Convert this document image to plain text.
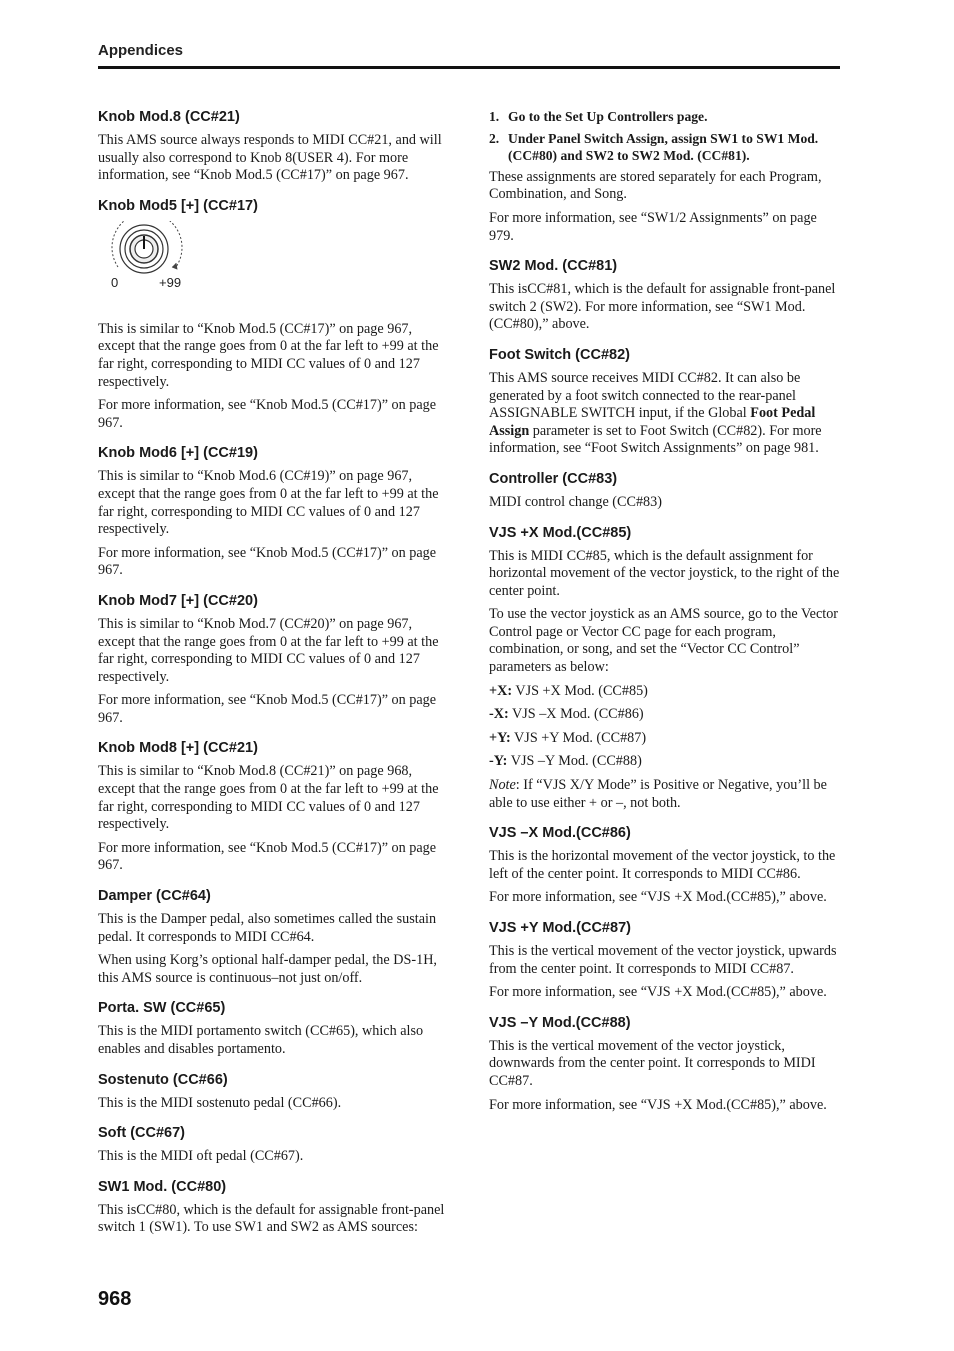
Appendices
Knob Mod.8 (CC#21)

This AMS source always responds to MIDI CC#21, and will usually also correspond to Knob 8(USER 4). For more information, see “Knob Mod.5 (CC#17)” on page 967.

Knob Mod5 [+] (CC#17)
0	+99

This is similar to “Knob Mod.5 (CC#17)” on page 967, except that the range goes from 0 at the far left to +99 at the far right, corresponding to MIDI CC values of 0 and 127 respectively.

For more information, see “Knob Mod.5 (CC#17)” on page 967.

Knob Mod6 [+] (CC#19)

This is similar to “Knob Mod.6 (CC#19)” on page 967, except that the range goes from 0 at the far left to +99 at the far right, corresponding to MIDI CC values of 0 and 127 respectively.

For more information, see “Knob Mod.5 (CC#17)” on page 967.

Knob Mod7 [+] (CC#20)

This is similar to “Knob Mod.7 (CC#20)” on page 967, except that the range goes from 0 at the far left to +99 at the far right, corresponding to MIDI CC values of 0 and 127 respectively.

For more information, see “Knob Mod.5 (CC#17)” on page 967.

Knob Mod8 [+] (CC#21)

This is similar to “Knob Mod.8 (CC#21)” on page 968, except that the range goes from 0 at the far left to +99 at the far right, corresponding to MIDI CC values of 0 and 127 respectively.

For more information, see “Knob Mod.5 (CC#17)” on page 967.

Damper (CC#64)

This is the Damper pedal, also sometimes called the sustain pedal. It corresponds to MIDI CC#64.

When using Korg’s optional half-damper pedal, the DS-1H, this AMS source is continuous–not just on/off.

Porta. SW (CC#65)

This is the MIDI portamento switch (CC#65), which also enables and disables portamento.

Sostenuto (CC#66)

This is the MIDI sostenuto pedal (CC#66).

Soft (CC#67)

This is the MIDI oft pedal (CC#67).

SW1 Mod. (CC#80)

This isCC#80, which is the default for assignable front-panel switch 1 (SW1). To use SW1 and SW2 as AMS sources:

1. Go to the Set Up Controllers page.
2. Under Panel Switch Assign, assign SW1 to SW1 Mod. (CC#80) and SW2 to SW2 Mod. (CC#81).

These assignments are stored separately for each Program, Combination, and Song.

For more information, see “SW1/2 Assignments” on page 979.

SW2 Mod. (CC#81)

This isCC#81, which is the default for assignable front-panel switch 2 (SW2). For more information, see “SW1 Mod. (CC#80),” above.

Foot Switch (CC#82)

This AMS source receives MIDI CC#82. It can also be generated by a foot switch connected to the rear-panel ASSIGNABLE SWITCH input, if the Global Foot Pedal Assign parameter is set to Foot Switch (CC#82). For more information, see “Foot Switch Assignments” on page 981.

Controller (CC#83)

MIDI control change (CC#83)

VJS +X Mod.(CC#85)

This is MIDI CC#85, which is the default assignment for horizontal movement of the vector joystick, to the right of the center point.

To use the vector joystick as an AMS source, go to the Vector Control page or Vector CC page for each program, combination, or song, and set the “Vector CC Control” parameters as below:

+X: VJS +X Mod. (CC#85)

-X: VJS –X Mod. (CC#86)

+Y: VJS +Y Mod. (CC#87)

-Y: VJS –Y Mod. (CC#88)

Note: If “VJS X/Y Mode” is Positive or Negative, you’ll be able to use either + or –, not both.

VJS –X Mod.(CC#86)

This is the horizontal movement of the vector joystick, to the left of the center point. It corresponds to MIDI CC#86.

For more information, see “VJS +X Mod.(CC#85),” above.

VJS +Y Mod.(CC#87)

This is the vertical movement of the vector joystick, upwards from the center point. It corresponds to MIDI CC#87.

For more information, see “VJS +X Mod.(CC#85),” above.

VJS –Y Mod.(CC#88)

This is the vertical movement of the vector joystick, downwards from the center point. It corresponds to MIDI CC#87.

For more information, see “VJS +X Mod.(CC#85),” above.

968
